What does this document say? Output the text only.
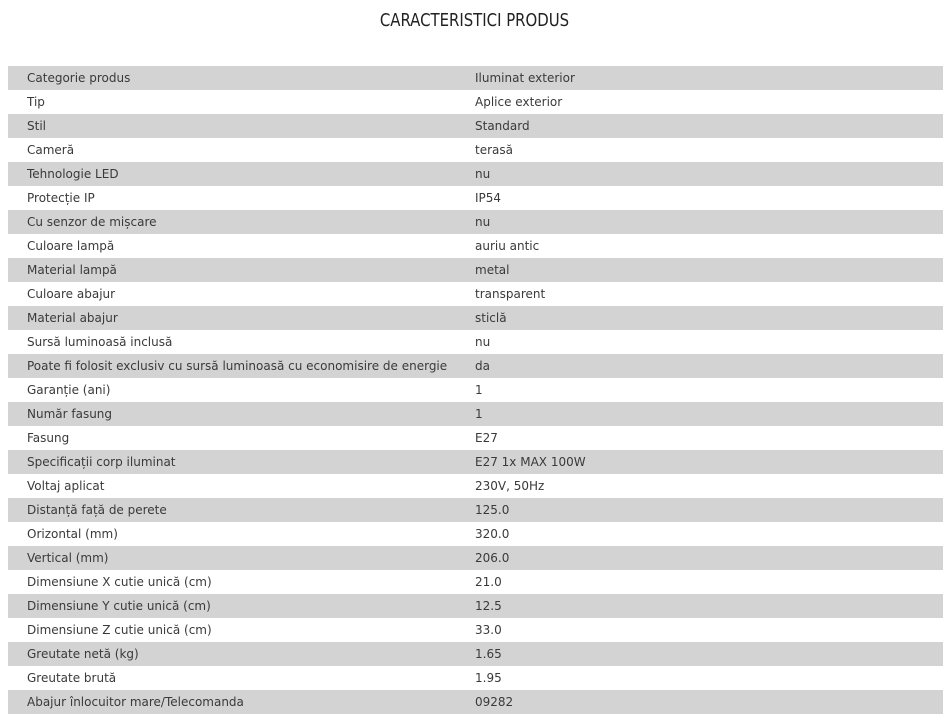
CARACTERISTICI PRODUS
Categorie produs	Iluminat exterior
Tip	Aplice exterior
Stil	Standard
Cameră	terasă
Tehnologie LED	nu
Protecție IP	IP54
Cu senzor de mișcare	nu
Culoare lampă	auriu antic
Material lampă	metal
Culoare abajur	transparent
Material abajur	sticlă
Sursă luminoasă inclusă	nu
Poate fi folosit exclusiv cu sursă luminoasă cu economisire de energie	da
Garanție (ani)	1
Număr fasung	1
Fasung	E27
Specificații corp iluminat	E27 1x MAX 100W
Voltaj aplicat	230V, 50Hz
Distanță față de perete	125.0
Orizontal (mm)	320.0
Vertical (mm)	206.0
Dimensiune X cutie unică (cm)	21.0
Dimensiune Y cutie unică (cm)	12.5
Dimensiune Z cutie unică (cm)	33.0
Greutate netă (kg)	1.65
Greutate brută	1.95
Abajur înlocuitor mare/Telecomanda	09282
